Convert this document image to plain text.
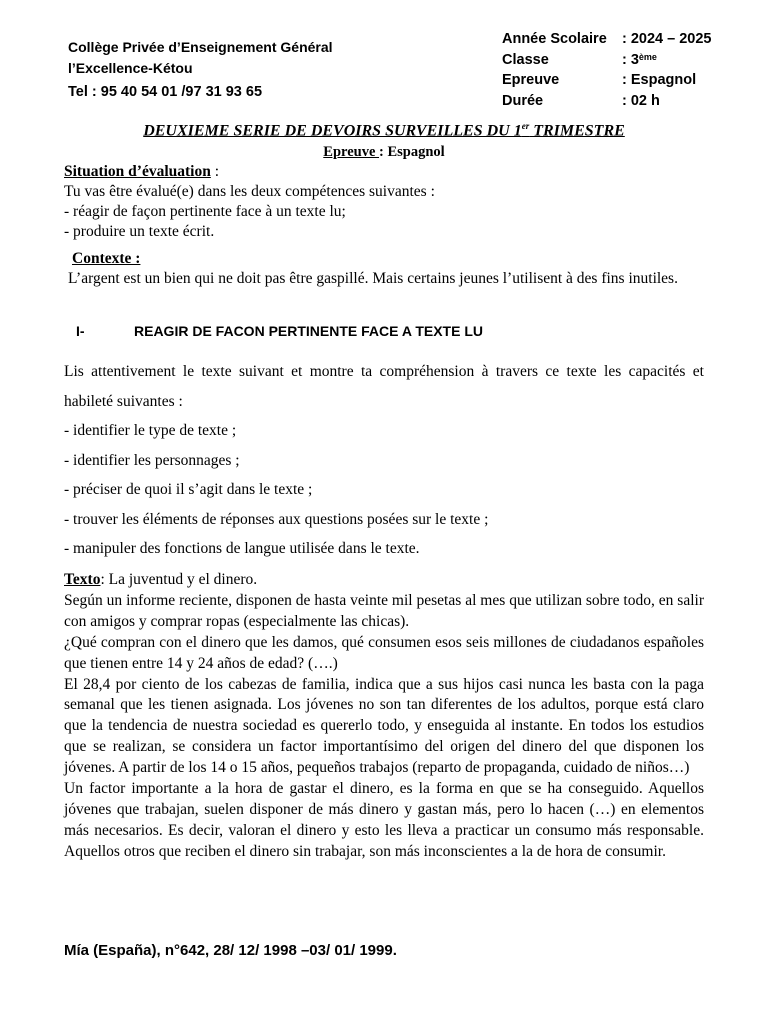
Collège Privée d’Enseignement Général
l’Excellence-Kétou
Tel : 95 40 54 01 /97 31 93 65
Année Scolaire	: 2024 – 2025
Classe	: 3ème
Epreuve	: Espagnol
Durée	: 02 h
DEUXIEME SERIE DE DEVOIRS SURVEILLES DU 1er TRIMESTRE
Epreuve : Espagnol
Situation d’évaluation :
Tu vas être évalué(e) dans les deux compétences suivantes :
- réagir de façon pertinente face à un texte lu;
- produire un texte écrit.
Contexte :
L’argent est un bien qui ne doit pas être gaspillé. Mais certains jeunes l’utilisent à des fins inutiles.
I-	REAGIR DE FACON PERTINENTE FACE A TEXTE LU

Lis attentivement le texte suivant et montre ta compréhension à travers ce texte les capacités et habileté suivantes :

- identifier le type de texte ;

- identifier les personnages ;

- préciser de quoi il s’agit dans le texte ;

- trouver les éléments de réponses aux questions posées sur le texte ;

- manipuler des fonctions de langue utilisée dans le texte.

Texto: La juventud y el dinero.

Según un informe reciente, disponen de hasta veinte mil pesetas al mes que utilizan sobre todo, en salir con amigos y comprar ropas (especialmente las chicas).

¿Qué compran con el dinero que les damos, qué consumen esos seis millones de ciudadanos españoles que tienen entre 14 y 24 años de edad? (….)

El 28,4 por ciento de los cabezas de familia, indica que a sus hijos casi nunca les basta con la paga semanal que les tienen asignada. Los jóvenes no son tan diferentes de los adultos, porque está claro que la tendencia de nuestra sociedad es quererlo todo, y enseguida al instante. En todos los estudios que se realizan, se considera un factor importantísimo del origen del dinero del que disponen los jóvenes. A partir de los 14 o 15 años, pequeños trabajos (reparto de propaganda, cuidado de niños…)

Un factor importante a la hora de gastar el dinero, es la forma en que se ha conseguido. Aquellos jóvenes que trabajan, suelen disponer de más dinero y gastan más, pero lo hacen (…) en elementos más necesarios. Es decir, valoran el dinero y esto les lleva a practicar un consumo más responsable. Aquellos otros que reciben el dinero sin trabajar, son más inconscientes a la de hora de consumir.

Mía (España), n°642, 28/ 12/ 1998 –03/ 01/ 1999.
